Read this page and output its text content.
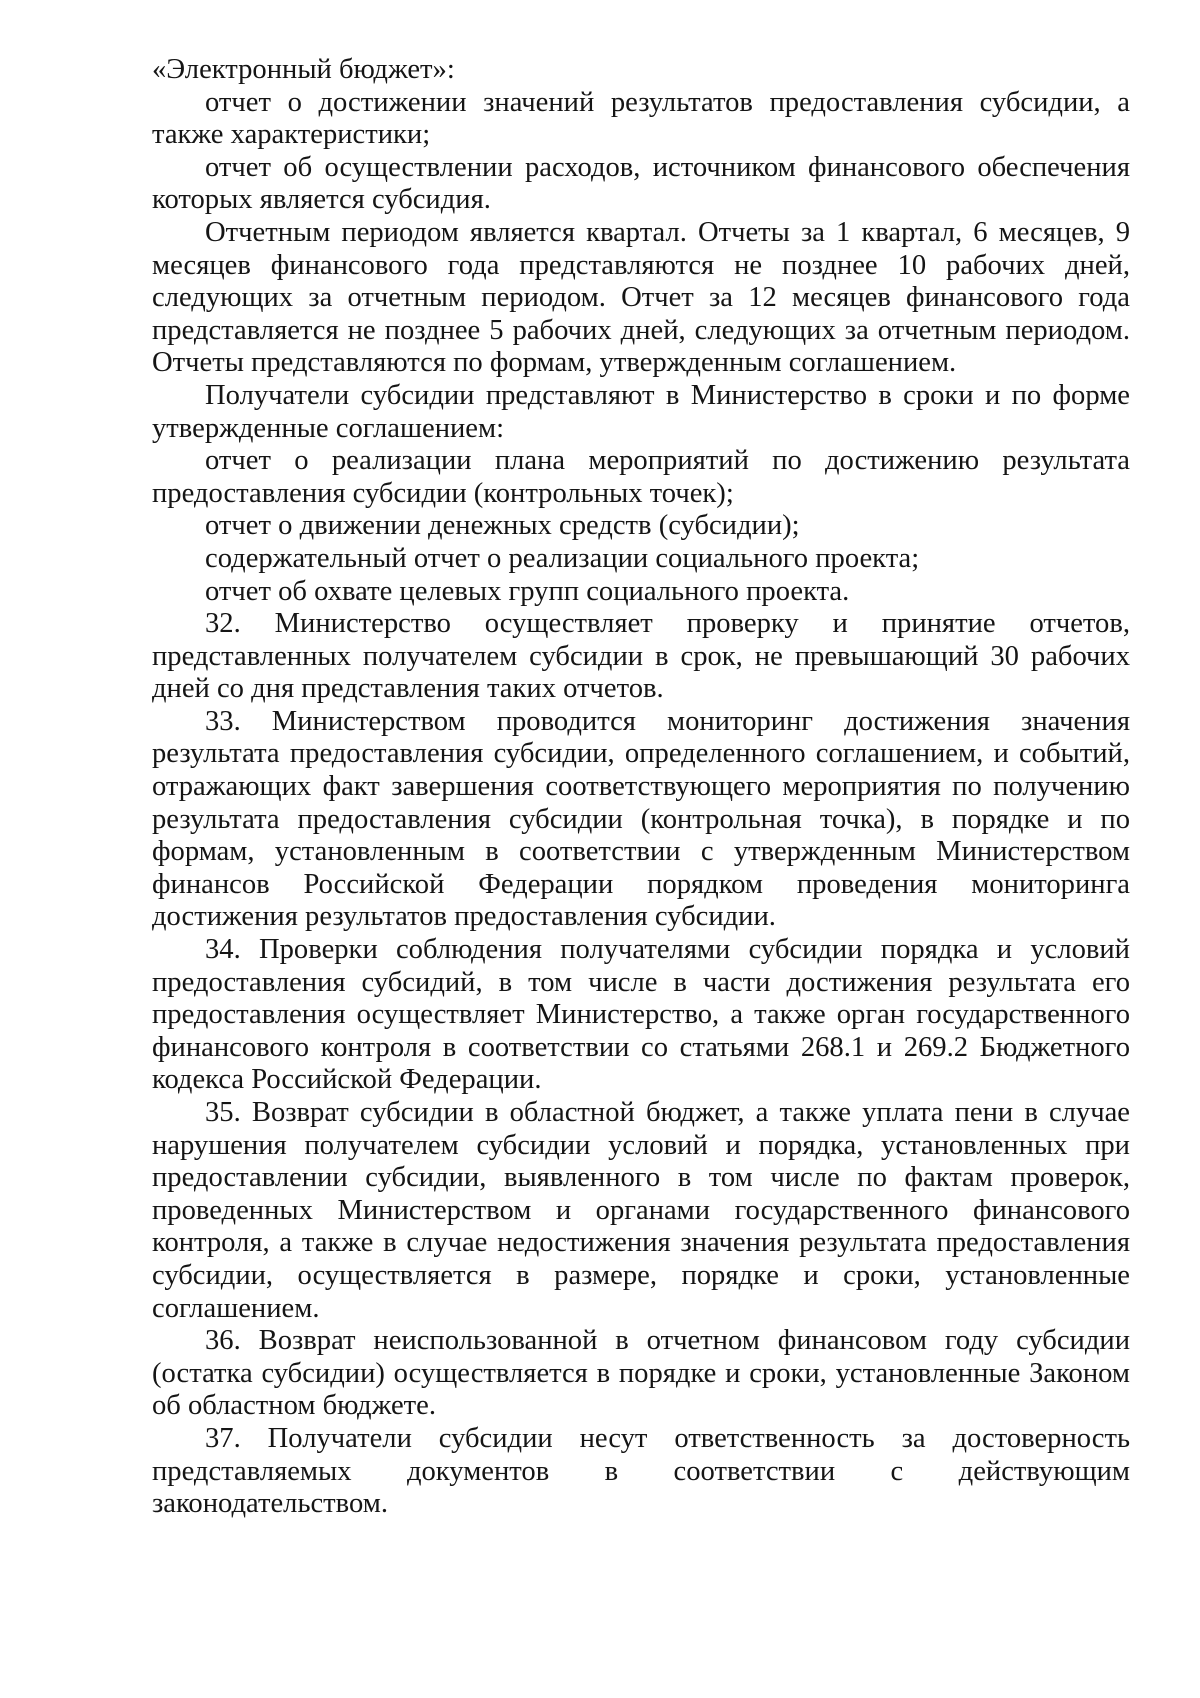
«Электронный бюджет»:

отчет о достижении значений результатов предоставления субсидии, а также характеристики;

отчет об осуществлении расходов, источником финансового обеспечения которых является субсидия.

Отчетным периодом является квартал. Отчеты за 1 квартал, 6 месяцев, 9 месяцев финансового года представляются не позднее 10 рабочих дней, следующих за отчетным периодом. Отчет за 12 месяцев финансового года представляется не позднее 5 рабочих дней, следующих за отчетным периодом. Отчеты представляются по формам, утвержденным соглашением.

Получатели субсидии представляют в Министерство в сроки и по форме утвержденные соглашением:

отчет о реализации плана мероприятий по достижению результата предоставления субсидии (контрольных точек);

отчет о движении денежных средств (субсидии);

содержательный отчет о реализации социального проекта;

отчет об охвате целевых групп социального проекта.

32. Министерство осуществляет проверку и принятие отчетов, представленных получателем субсидии в срок, не превышающий 30 рабочих дней со дня представления таких отчетов.

33. Министерством проводится мониторинг достижения значения результата предоставления субсидии, определенного соглашением, и событий, отражающих факт завершения соответствующего мероприятия по получению результата предоставления субсидии (контрольная точка), в порядке и по формам, установленным в соответствии с утвержденным Министерством финансов Российской Федерации порядком проведения мониторинга достижения результатов предоставления субсидии.

34. Проверки соблюдения получателями субсидии порядка и условий предоставления субсидий, в том числе в части достижения результата его предоставления осуществляет Министерство, а также орган государственного финансового контроля в соответствии со статьями 268.1 и 269.2 Бюджетного кодекса Российской Федерации.

35. Возврат субсидии в областной бюджет, а также уплата пени в случае нарушения получателем субсидии условий и порядка, установленных при предоставлении субсидии, выявленного в том числе по фактам проверок, проведенных Министерством и органами государственного финансового контроля, а также в случае недостижения значения результата предоставления субсидии, осуществляется в размере, порядке и сроки, установленные соглашением.

36. Возврат неиспользованной в отчетном финансовом году субсидии (остатка субсидии) осуществляется в порядке и сроки, установленные Законом об областном бюджете.

37. Получатели субсидии несут ответственность за достоверность представляемых документов в соответствии с действующим законодательством.
